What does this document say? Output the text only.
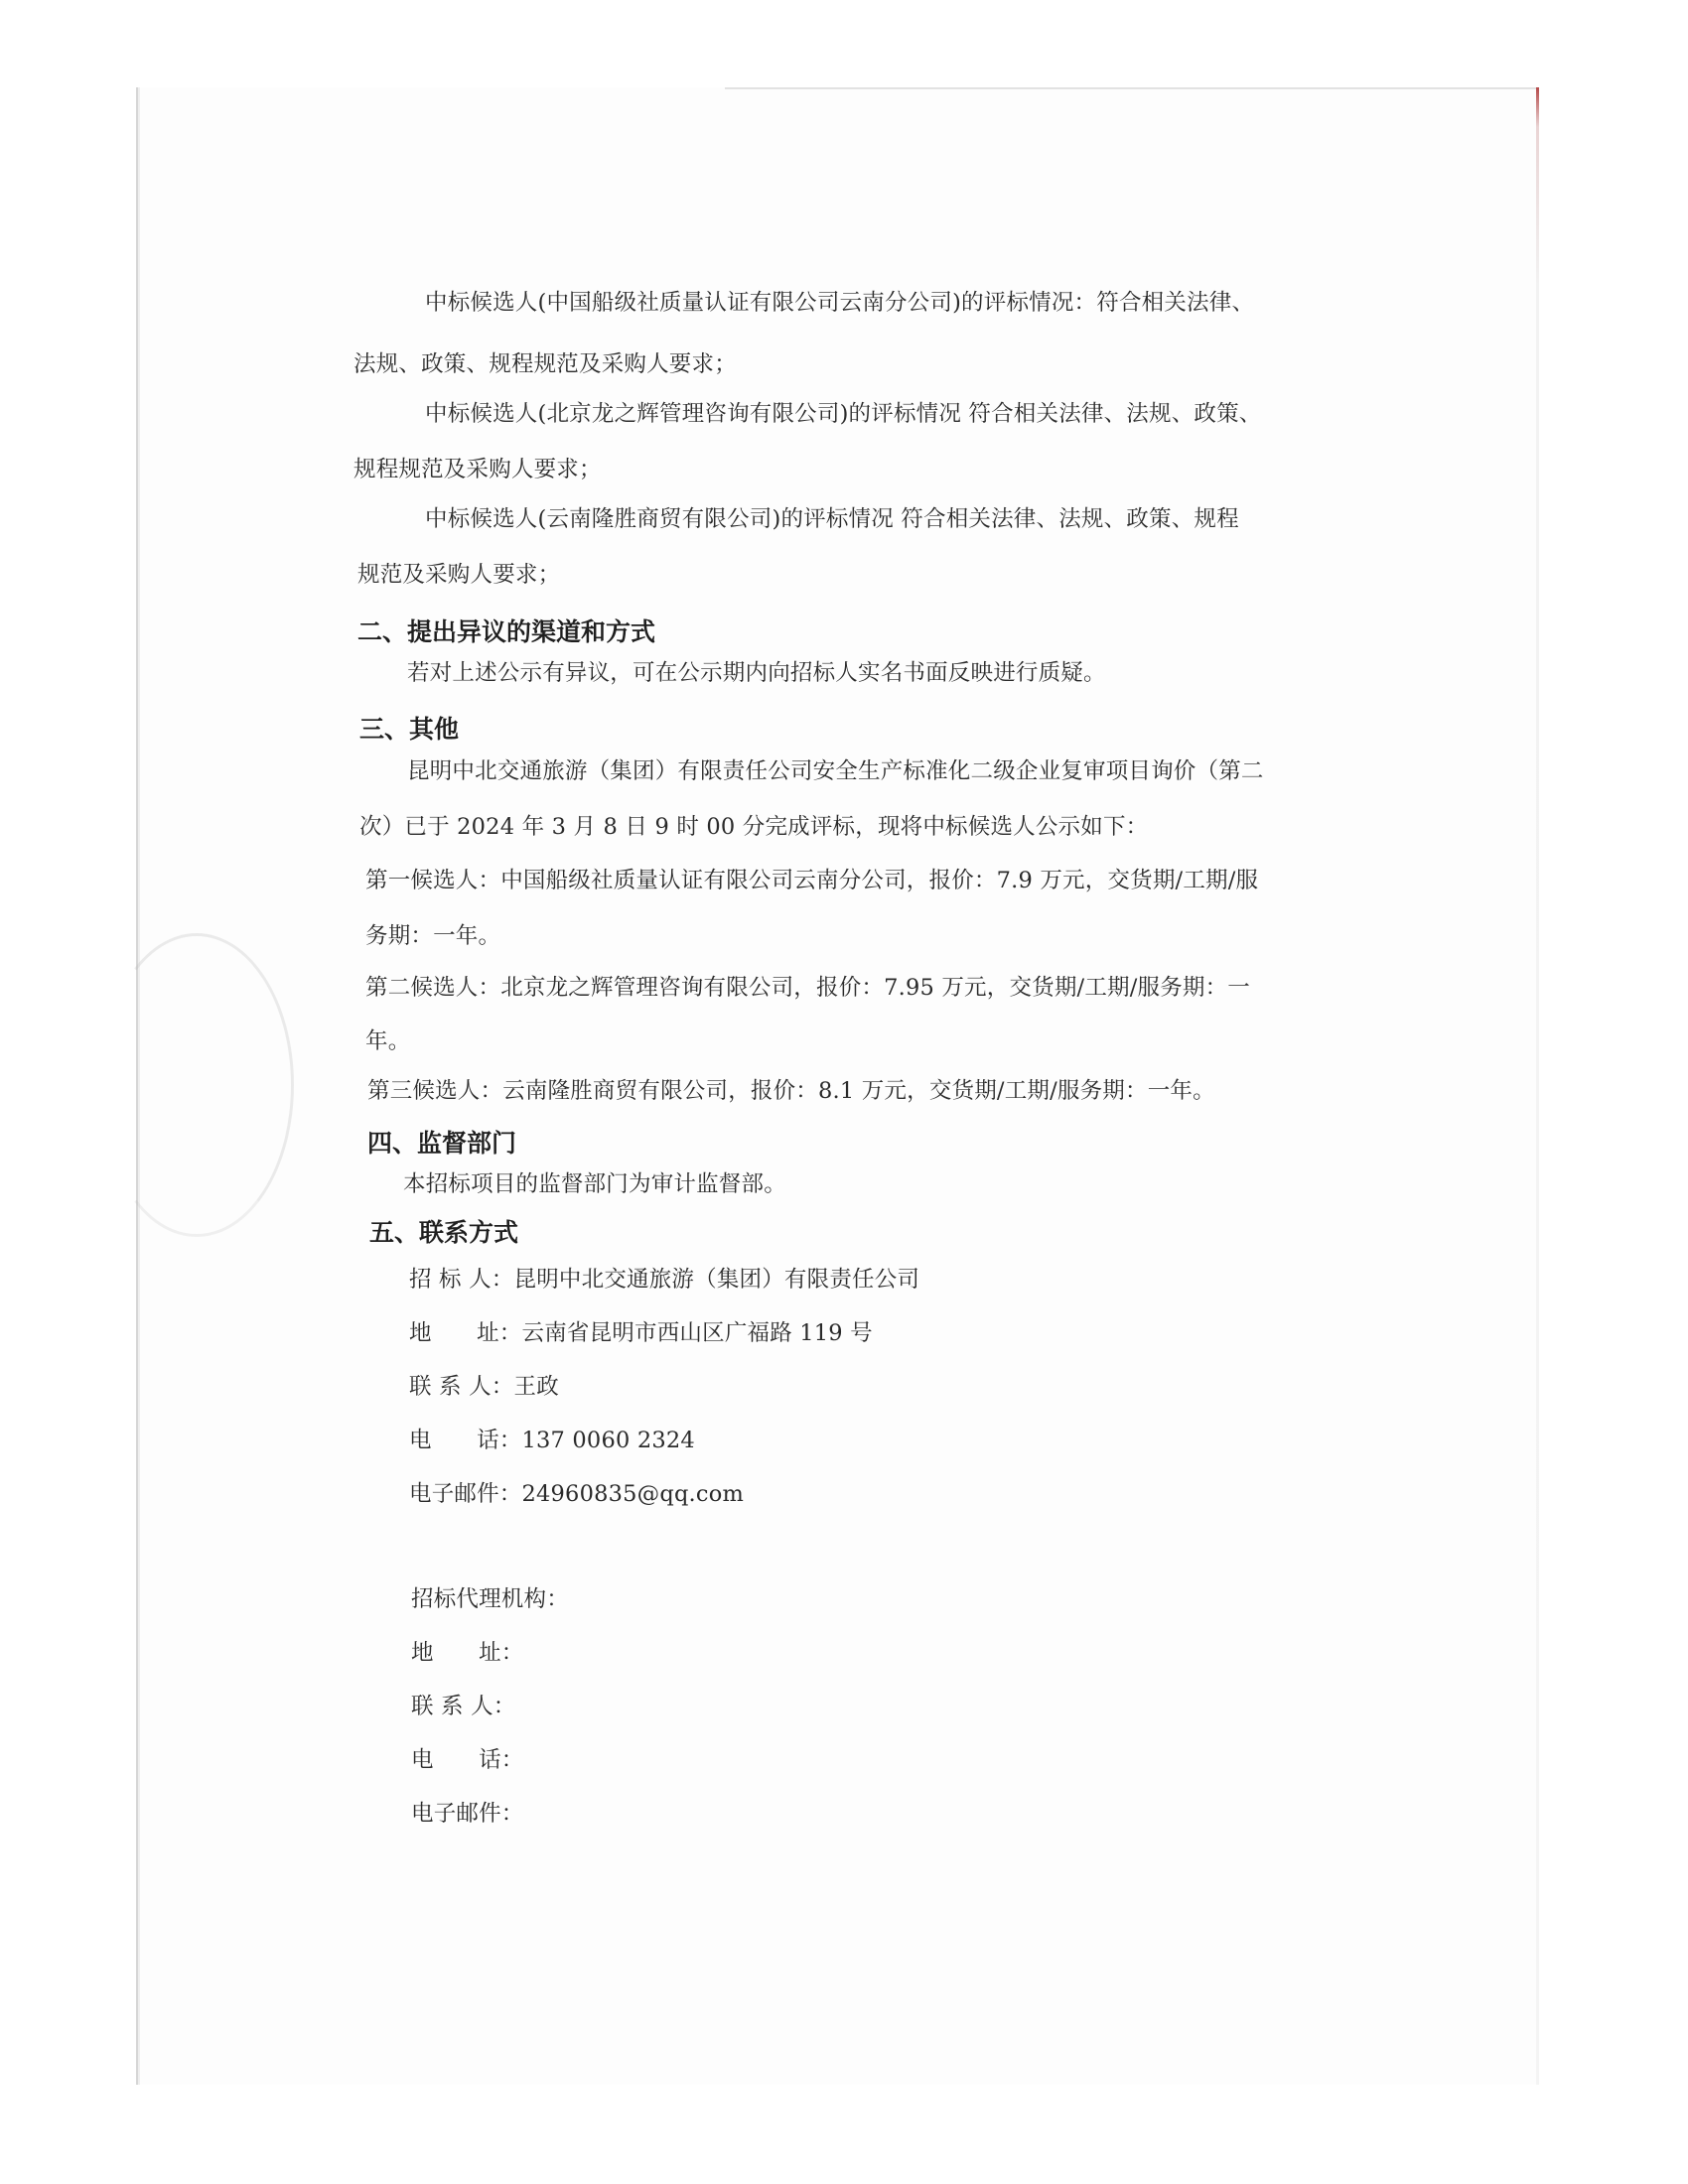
中标候选人(中国船级社质量认证有限公司云南分公司)的评标情况：符合相关法律、
法规、政策、规程规范及采购人要求；
中标候选人(北京龙之辉管理咨询有限公司)的评标情况 符合相关法律、法规、政策、
规程规范及采购人要求；
中标候选人(云南隆胜商贸有限公司)的评标情况 符合相关法律、法规、政策、规程
规范及采购人要求；
二、提出异议的渠道和方式
若对上述公示有异议，可在公示期内向招标人实名书面反映进行质疑。
三、其他
昆明中北交通旅游（集团）有限责任公司安全生产标准化二级企业复审项目询价（第二
次）已于 2024 年 3 月 8 日 9 时 00 分完成评标，现将中标候选人公示如下：
第一候选人：中国船级社质量认证有限公司云南分公司，报价：7.9 万元，交货期/工期/服
务期：一年。
第二候选人：北京龙之辉管理咨询有限公司，报价：7.95 万元，交货期/工期/服务期：一
年。
第三候选人：云南隆胜商贸有限公司，报价：8.1 万元，交货期/工期/服务期：一年。
四、监督部门
本招标项目的监督部门为审计监督部。
五、联系方式
招 标 人：昆明中北交通旅游（集团）有限责任公司
地　　址：云南省昆明市西山区广福路 119 号
联 系 人：王政
电　　话：137 0060 2324
电子邮件：24960835@qq.com
招标代理机构：
地　　址：
联 系 人：
电　　话：
电子邮件：
